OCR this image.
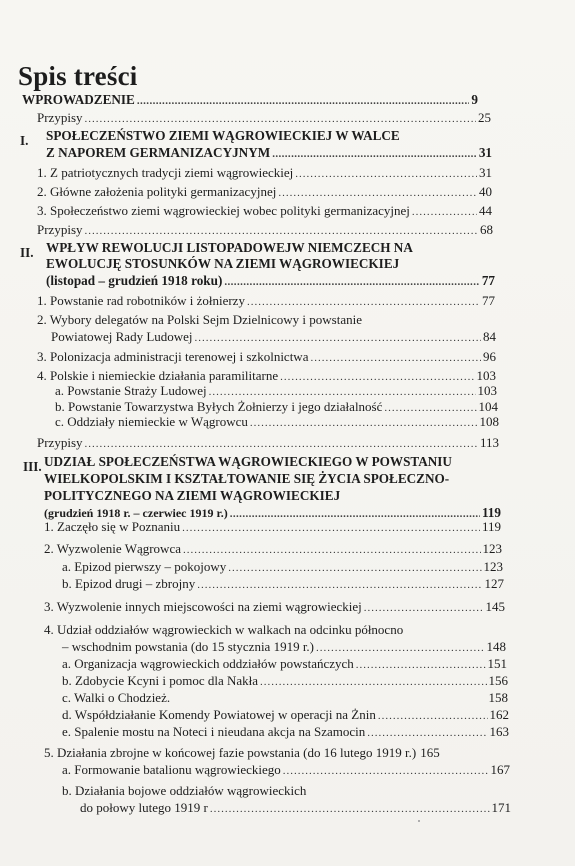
Spis treści
WPROWADZENIE .....	9
Przypisy .....	25
I. SPOŁECZEŃSTWO ZIEMI WĄGROWIECKIEJ W WALCE
Z NAPOREM GERMANIZACYJNYM .....	31
1. Z patriotycznych tradycji ziemi wągrowieckiej .....	31
2. Główne założenia polityki germanizacyjnej .....	40
3. Społeczeństwo ziemi wągrowieckiej wobec polityki germanizacyjnej .....	44
Przypisy .....	68
II. WPŁYW REWOLUCJI LISTOPADOWEJW NIEMCZECH NA
EWOLUCJĘ STOSUNKÓW NA ZIEMI WĄGROWIECKIEJ
(listopad – grudzień 1918 roku) .....	77
1. Powstanie rad robotników i żołnierzy .....	77
2. Wybory delegatów na Polski Sejm Dzielnicowy i powstanie
Powiatowej Rady Ludowej .....	84
3. Polonizacja administracji terenowej i szkolnictwa .....	96
4. Polskie i niemieckie działania paramilitarne .....	103
a. Powstanie Straży Ludowej .....	103
b. Powstanie Towarzystwa Byłych Żołnierzy i jego działalność .....	104
c. Oddziały niemieckie w Wągrowcu .....	108
Przypisy .....	113
III. UDZIAŁ SPOŁECZEŃSTWA WĄGROWIECKIEGO W POWSTANIU
WIELKOPOLSKIM I KSZTAŁTOWANIE SIĘ ŻYCIA SPOŁECZNO-
POLITYCZNEGO NA ZIEMI WĄGROWIECKIEJ
(grudzień 1918 r. – czerwiec 1919 r.) .....	119
1. Zaczęło się w Poznaniu .....	119
2. Wyzwolenie Wągrowca .....	123
a. Epizod pierwszy – pokojowy .....	123
b. Epizod drugi – zbrojny .....	127
3. Wyzwolenie innych miejscowości na ziemi wągrowieckiej .....	145
4. Udział oddziałów wągrowieckich w walkach na odcinku północno
– wschodnim powstania (do 15 stycznia 1919 r.) .....	148
a. Organizacja wągrowieckich oddziałów powstańczych .....	151
b. Zdobycie Kcyni i pomoc dla Nakła .....	156
c. Walki o Chodzież.	158
d. Współdziałanie Komendy Powiatowej w operacji na Żnin .....	162
e. Spalenie mostu na Noteci i nieudana akcja na Szamocin .....	163
5. Działania zbrojne w końcowej fazie powstania (do 16 lutego 1919 r.) 165
a. Formowanie batalionu wągrowieckiego .....	167
b. Działania bojowe oddziałów wągrowieckich
do połowy lutego 1919 r .....	171
